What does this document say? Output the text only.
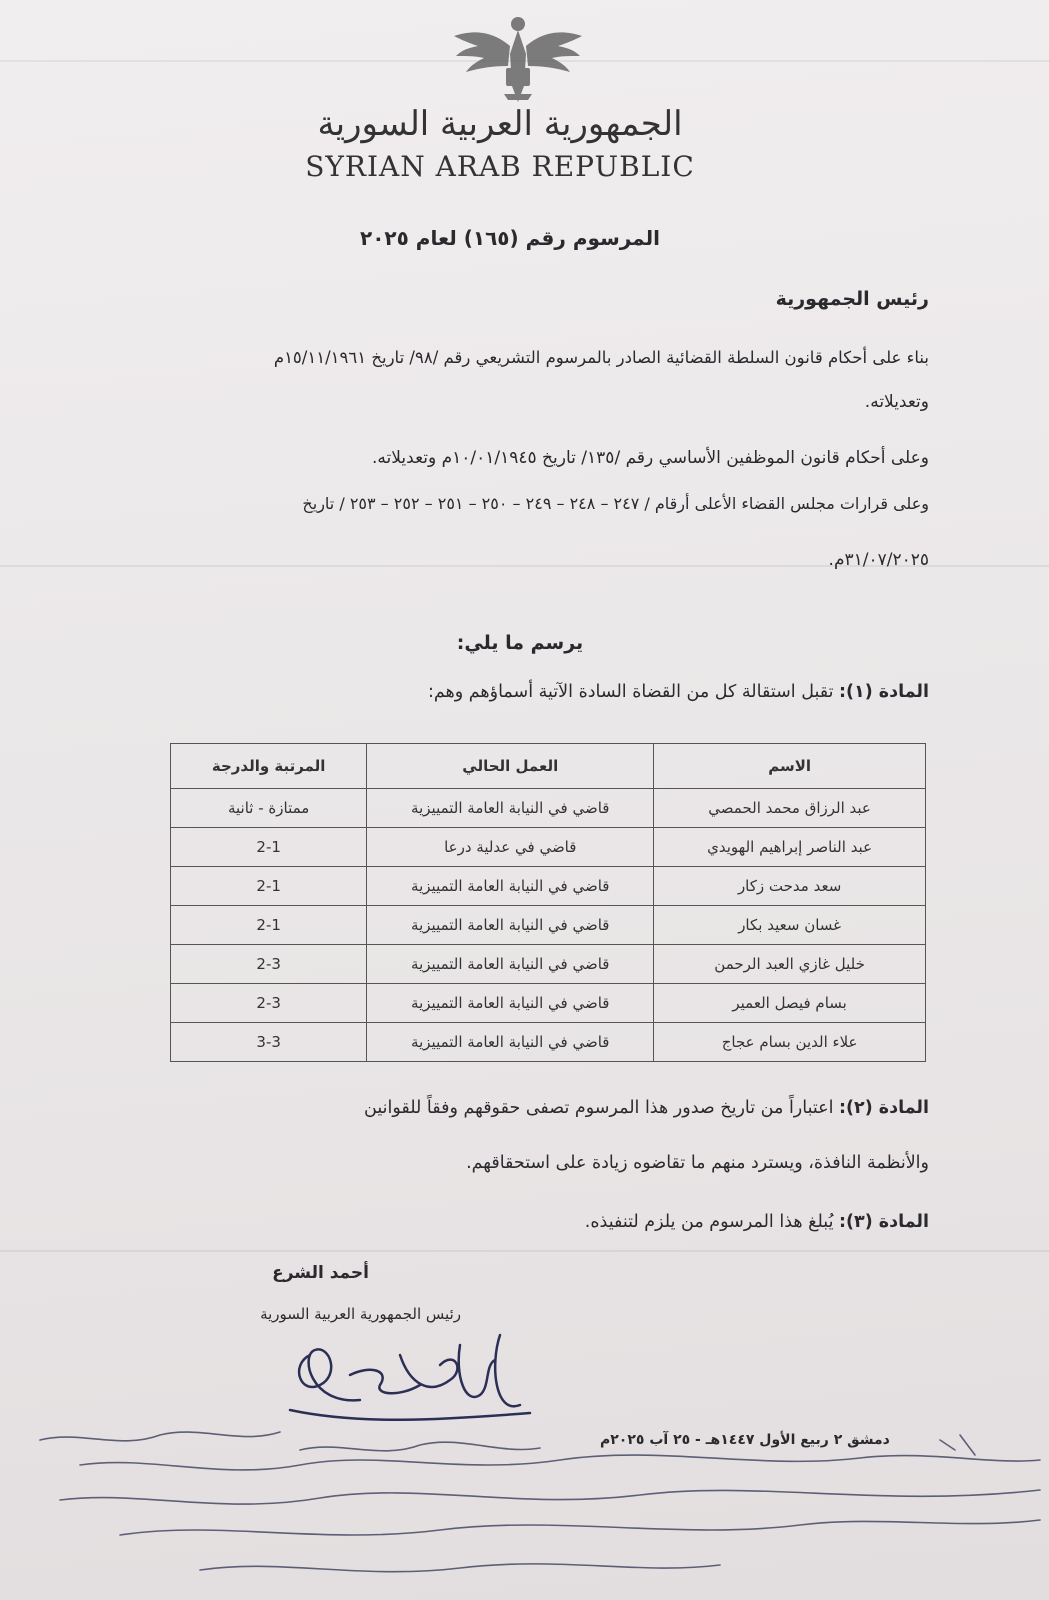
الجمهورية العربية السورية
SYRIAN ARAB REPUBLIC
المرسوم رقم (١٦٥) لعام ٢٠٢٥
رئيس الجمهورية
بناء على أحكام قانون السلطة القضائية الصادر بالمرسوم التشريعي رقم /٩٨/ تاريخ ١٥/١١/١٩٦١م
وتعديلاته.
وعلى أحكام قانون الموظفين الأساسي رقم /١٣٥/ تاريخ ١٠/٠١/١٩٤٥م وتعديلاته.
وعلى قرارات مجلس القضاء الأعلى أرقام / ٢٤٧ – ٢٤٨ – ٢٤٩ – ٢٥٠ – ٢٥١ – ٢٥٢ – ٢٥٣ / تاريخ
٣١/٠٧/٢٠٢٥م.
يرسم ما يلي:
المادة (١): تقبل استقالة كل من القضاة السادة الآتية أسماؤهم وهم:
الاسم	العمل الحالي	المرتبة والدرجة
عبد الرزاق محمد الحمصي	قاضي في النيابة العامة التمييزية	ممتازة - ثانية
عبد الناصر إبراهيم الهويدي	قاضي في عدلية درعا	2-1
سعد مدحت زكار	قاضي في النيابة العامة التمييزية	2-1
غسان سعيد بكار	قاضي في النيابة العامة التمييزية	2-1
خليل غازي العبد الرحمن	قاضي في النيابة العامة التمييزية	2-3
بسام فيصل العمير	قاضي في النيابة العامة التمييزية	2-3
علاء الدين بسام عجاج	قاضي في النيابة العامة التمييزية	3-3
المادة (٢): اعتباراً من تاريخ صدور هذا المرسوم تصفى حقوقهم وفقاً للقوانين
والأنظمة النافذة، ويسترد منهم ما تقاضوه زيادة على استحقاقهم.
المادة (٣): يُبلغ هذا المرسوم من يلزم لتنفيذه.
أحمد الشرع
رئيس الجمهورية العربية السورية
دمشق ٢ ربيع الأول ١٤٤٧هـ - ٢٥ آب ٢٠٢٥م
